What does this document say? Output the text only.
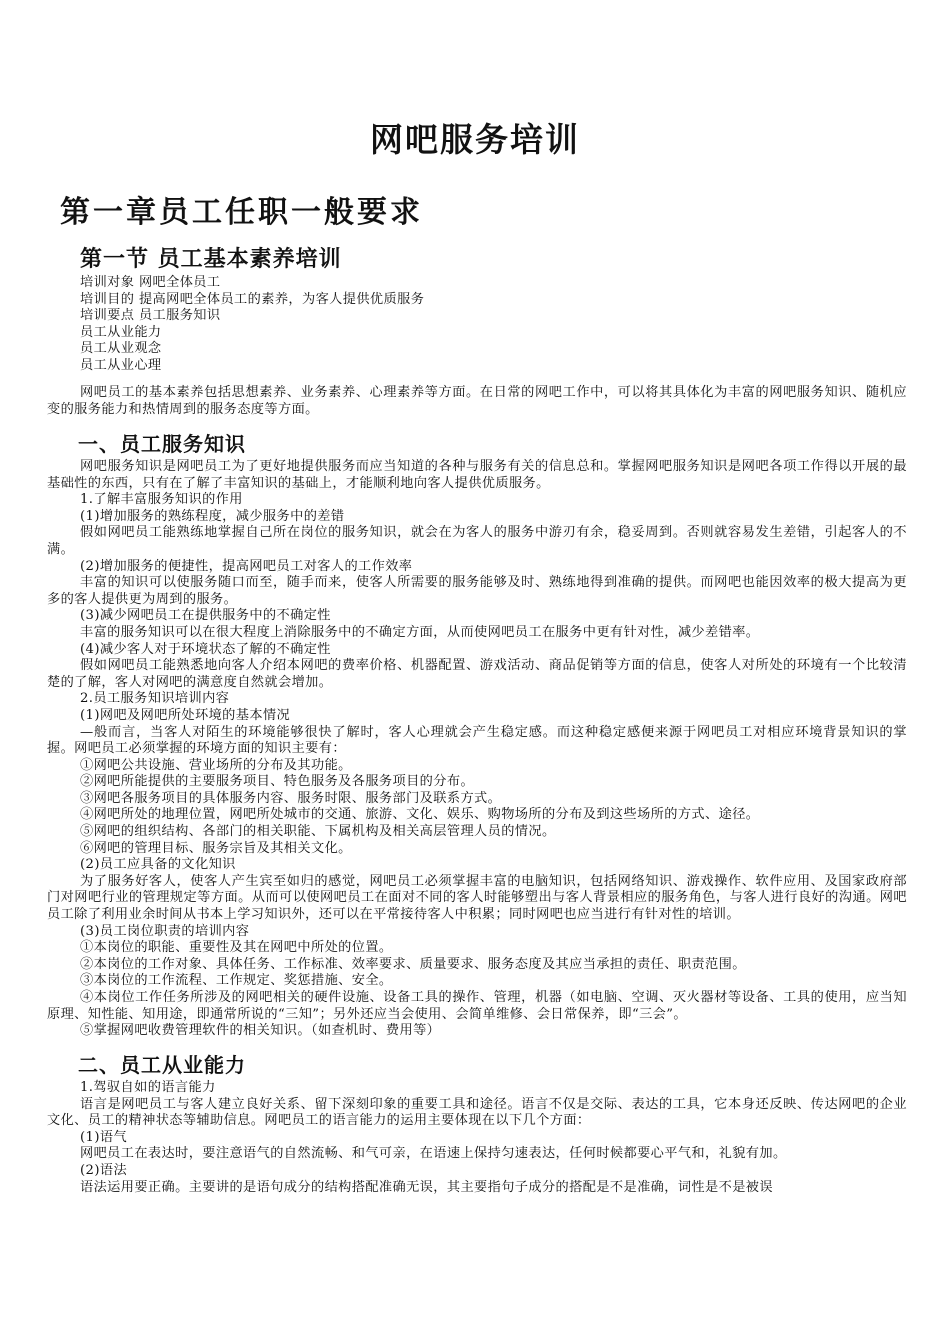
网吧服务培训
第一章员工任职一般要求
第一节 员工基本素养培训

培训对象 网吧全体员工

培训目的 提高网吧全体员工的素养，为客人提供优质服务

培训要点 员工服务知识

员工从业能力

员工从业观念

员工从业心理

网吧员工的基本素养包括思想素养、业务素养、心理素养等方面。在日常的网吧工作中，可以将其具体化为丰富的网吧服务知识、随机应变的服务能力和热情周到的服务态度等方面。

一、员工服务知识

网吧服务知识是网吧员工为了更好地提供服务而应当知道的各种与服务有关的信息总和。掌握网吧服务知识是网吧各项工作得以开展的最基础性的东西，只有在了解了丰富知识的基础上，才能顺利地向客人提供优质服务。

1.了解丰富服务知识的作用

(1)增加服务的熟练程度，减少服务中的差错

假如网吧员工能熟练地掌握自己所在岗位的服务知识，就会在为客人的服务中游刃有余，稳妥周到。否则就容易发生差错，引起客人的不满。

(2)增加服务的便捷性，提高网吧员工对客人的工作效率

丰富的知识可以使服务随口而至，随手而来，使客人所需要的服务能够及时、熟练地得到准确的提供。而网吧也能因效率的极大提高为更多的客人提供更为周到的服务。

(3)减少网吧员工在提供服务中的不确定性

丰富的服务知识可以在很大程度上消除服务中的不确定方面，从而使网吧员工在服务中更有针对性，减少差错率。

(4)减少客人对于环境状态了解的不确定性

假如网吧员工能熟悉地向客人介绍本网吧的费率价格、机器配置、游戏活动、商品促销等方面的信息，使客人对所处的环境有一个比较清楚的了解，客人对网吧的满意度自然就会增加。

2.员工服务知识培训内容

(1)网吧及网吧所处环境的基本情况

—般而言，当客人对陌生的环境能够很快了解时，客人心理就会产生稳定感。而这种稳定感便来源于网吧员工对相应环境背景知识的掌握。网吧员工必须掌握的环境方面的知识主要有：

①网吧公共设施、营业场所的分布及其功能。

②网吧所能提供的主要服务项目、特色服务及各服务项目的分布。

③网吧各服务项目的具体服务内容、服务时限、服务部门及联系方式。

④网吧所处的地理位置，网吧所处城市的交通、旅游、文化、娱乐、购物场所的分布及到这些场所的方式、途径。

⑤网吧的组织结构、各部门的相关职能、下属机构及相关高层管理人员的情况。

⑥网吧的管理目标、服务宗旨及其相关文化。

(2)员工应具备的文化知识

为了服务好客人，使客人产生宾至如归的感觉，网吧员工必须掌握丰富的电脑知识，包括网络知识、游戏操作、软件应用、及国家政府部门对网吧行业的管理规定等方面。从而可以使网吧员工在面对不同的客人时能够塑出与客人背景相应的服务角色，与客人进行良好的沟通。网吧员工除了利用业余时间从书本上学习知识外，还可以在平常接待客人中积累；同时网吧也应当进行有针对性的培训。

(3)员工岗位职责的培训内容

①本岗位的职能、重要性及其在网吧中所处的位置。

②本岗位的工作对象、具体任务、工作标准、效率要求、质量要求、服务态度及其应当承担的责任、职责范围。

③本岗位的工作流程、工作规定、奖惩措施、安全。

④本岗位工作任务所涉及的网吧相关的硬件设施、设备工具的操作、管理，机器（如电脑、空调、灭火器材等设备、工具的使用，应当知原理、知性能、知用途，即通常所说的“三知”；另外还应当会使用、会简单维修、会日常保养，即“三会”。

⑤掌握网吧收费管理软件的相关知识。（如查机时、费用等）

二、员工从业能力

1.驾驭自如的语言能力

语言是网吧员工与客人建立良好关系、留下深刻印象的重要工具和途径。语言不仅是交际、表达的工具，它本身还反映、传达网吧的企业文化、员工的精神状态等辅助信息。网吧员工的语言能力的运用主要体现在以下几个方面：

(1)语气

网吧员工在表达时，要注意语气的自然流畅、和气可亲，在语速上保持匀速表达，任何时候都要心平气和，礼貌有加。

(2)语法

语法运用要正确。主要讲的是语句成分的结构搭配准确无误，其主要指句子成分的搭配是不是准确，词性是不是被误
